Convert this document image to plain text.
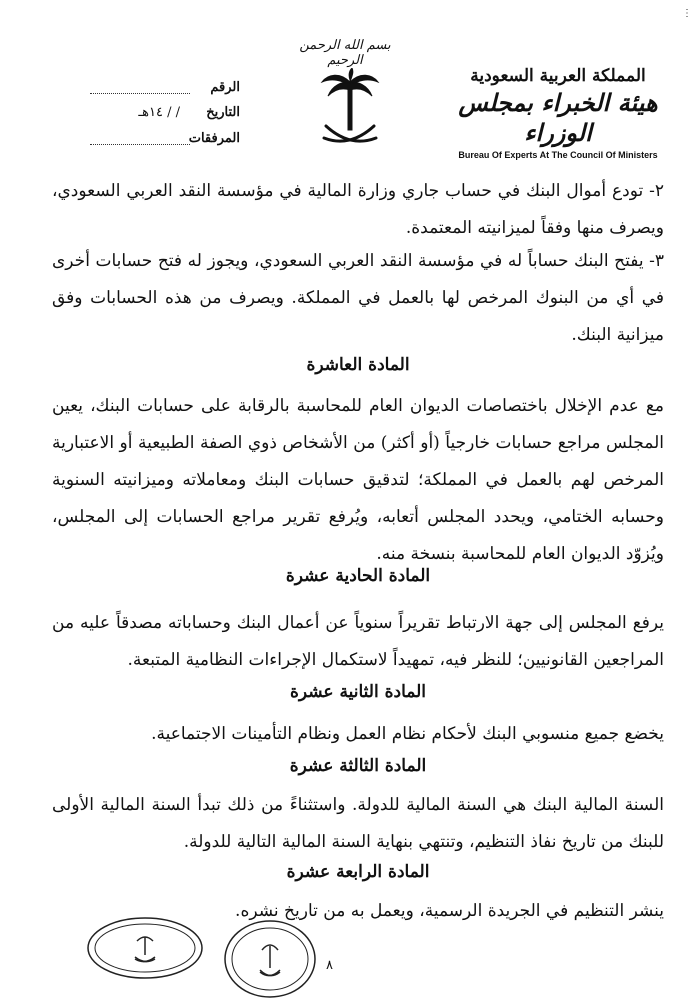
المملكة العربية السعودية
هيئة الخبراء بمجلس الوزراء
Bureau Of Experts At The Council Of Ministers
بسم الله الرحمن الرحيم
الرقم
التاريخ
/ / ١٤هـ
المرفقات
٢- تودع أموال البنك في حساب جاري وزارة المالية في مؤسسة النقد العربي السعودي، ويصرف منها وفقاً لميزانيته المعتمدة.
٣- يفتح البنك حساباً له في مؤسسة النقد العربي السعودي، ويجوز له فتح حسابات أخرى في أي من البنوك المرخص لها بالعمل في المملكة. ويصرف من هذه الحسابات وفق ميزانية البنك.
المادة العاشرة
مع عدم الإخلال باختصاصات الديوان العام للمحاسبة بالرقابة على حسابات البنك، يعين المجلس مراجع حسابات خارجياً (أو أكثر) من الأشخاص ذوي الصفة الطبيعية أو الاعتبارية المرخص لهم بالعمل في المملكة؛ لتدقيق حسابات البنك ومعاملاته وميزانيته السنوية وحسابه الختامي، ويحدد المجلس أتعابه، ويُرفع تقرير مراجع الحسابات إلى المجلس، ويُزوّد الديوان العام للمحاسبة بنسخة منه.
المادة الحادية عشرة
يرفع المجلس إلى جهة الارتباط تقريراً سنوياً عن أعمال البنك وحساباته مصدقاً عليه من المراجعين القانونيين؛ للنظر فيه، تمهيداً لاستكمال الإجراءات النظامية المتبعة.
المادة الثانية عشرة
يخضع جميع منسوبي البنك لأحكام نظام العمل ونظام التأمينات الاجتماعية.
المادة الثالثة عشرة
السنة المالية البنك هي السنة المالية للدولة. واستثناءً من ذلك تبدأ السنة المالية الأولى للبنك من تاريخ نفاذ التنظيم، وتنتهي بنهاية السنة المالية التالية للدولة.
المادة الرابعة عشرة
ينشر التنظيم في الجريدة الرسمية، ويعمل به من تاريخ نشره.
٨
⋮
